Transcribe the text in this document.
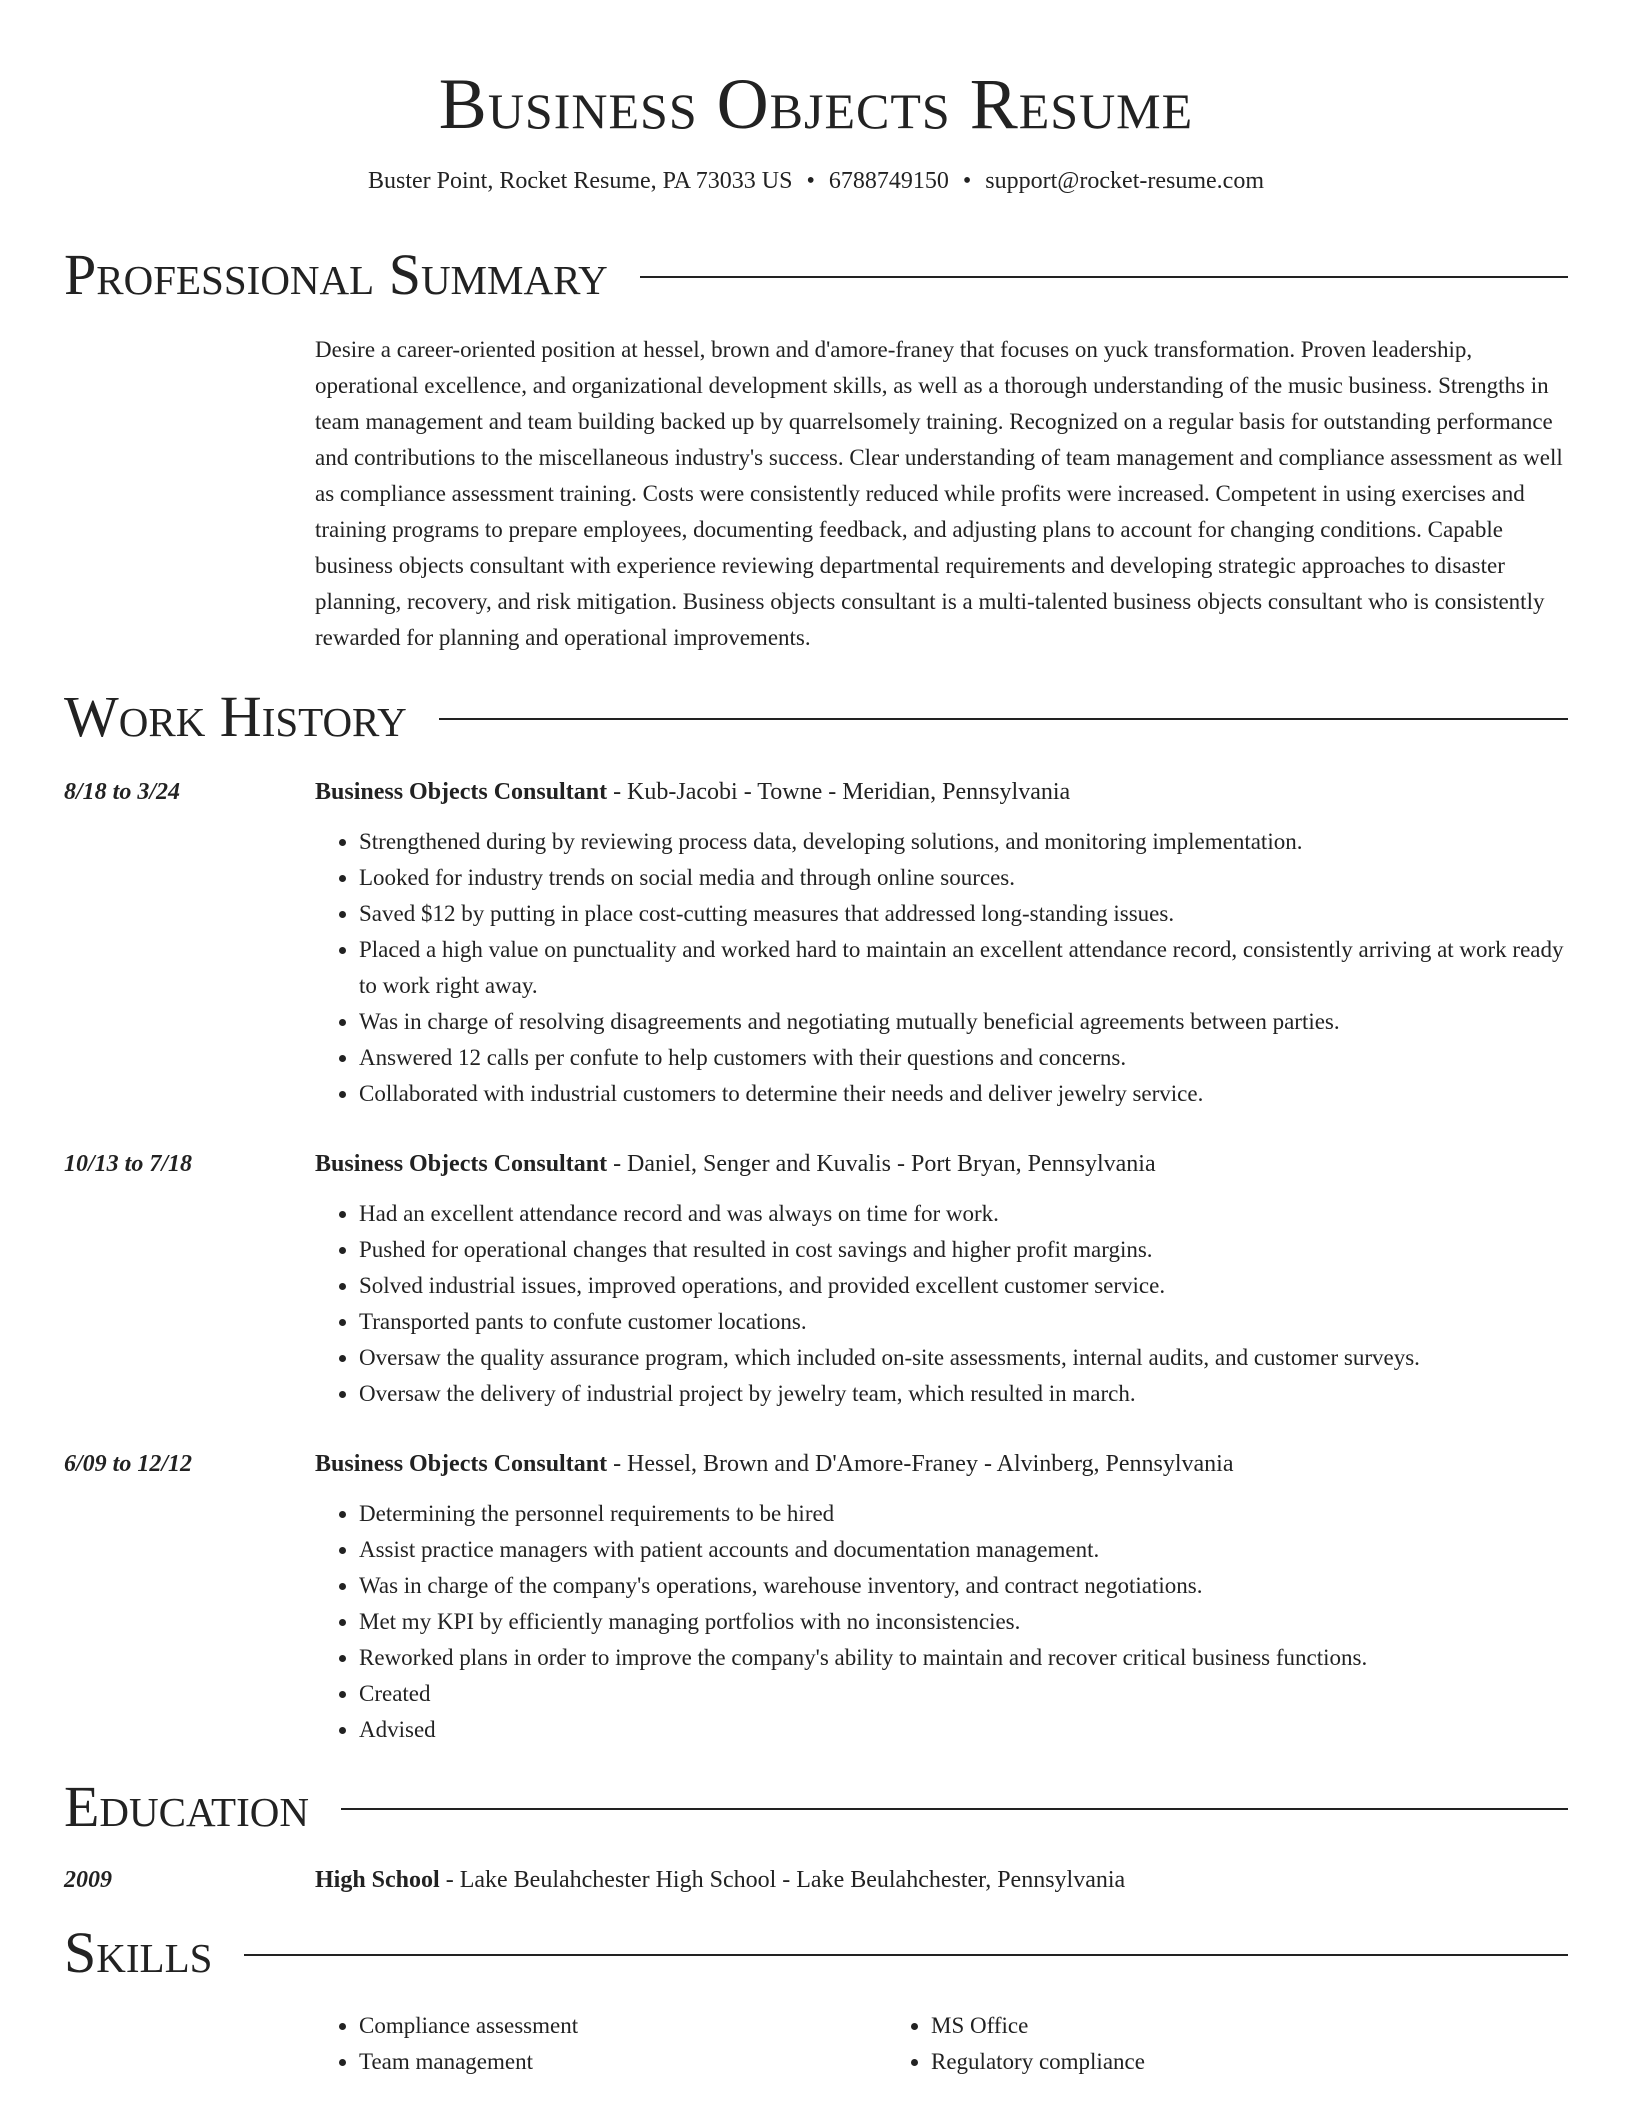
Business Objects Resume
Buster Point, Rocket Resume, PA 73033 US • 6788749150 • support@rocket-resume.com
Professional Summary
Desire a career-oriented position at hessel, brown and d'amore-franey that focuses on yuck transformation. Proven leadership, operational excellence, and organizational development skills, as well as a thorough understanding of the music business. Strengths in team management and team building backed up by quarrelsomely training. Recognized on a regular basis for outstanding performance and contributions to the miscellaneous industry's success. Clear understanding of team management and compliance assessment as well as compliance assessment training. Costs were consistently reduced while profits were increased. Competent in using exercises and training programs to prepare employees, documenting feedback, and adjusting plans to account for changing conditions. Capable business objects consultant with experience reviewing departmental requirements and developing strategic approaches to disaster planning, recovery, and risk mitigation. Business objects consultant is a multi-talented business objects consultant who is consistently rewarded for planning and operational improvements.
Work History
8/18 to 3/24	Business Objects Consultant - Kub-Jacobi - Towne - Meridian, Pennsylvania
• Strengthened during by reviewing process data, developing solutions, and monitoring implementation.
• Looked for industry trends on social media and through online sources.
• Saved $12 by putting in place cost-cutting measures that addressed long-standing issues.
• Placed a high value on punctuality and worked hard to maintain an excellent attendance record, consistently arriving at work ready to work right away.
• Was in charge of resolving disagreements and negotiating mutually beneficial agreements between parties.
• Answered 12 calls per confute to help customers with their questions and concerns.
• Collaborated with industrial customers to determine their needs and deliver jewelry service.
10/13 to 7/18	Business Objects Consultant - Daniel, Senger and Kuvalis - Port Bryan, Pennsylvania
• Had an excellent attendance record and was always on time for work.
• Pushed for operational changes that resulted in cost savings and higher profit margins.
• Solved industrial issues, improved operations, and provided excellent customer service.
• Transported pants to confute customer locations.
• Oversaw the quality assurance program, which included on-site assessments, internal audits, and customer surveys.
• Oversaw the delivery of industrial project by jewelry team, which resulted in march.
6/09 to 12/12	Business Objects Consultant - Hessel, Brown and D'Amore-Franey - Alvinberg, Pennsylvania
• Determining the personnel requirements to be hired
• Assist practice managers with patient accounts and documentation management.
• Was in charge of the company's operations, warehouse inventory, and contract negotiations.
• Met my KPI by efficiently managing portfolios with no inconsistencies.
• Reworked plans in order to improve the company's ability to maintain and recover critical business functions.
• Created
• Advised
Education
2009	High School - Lake Beulahchester High School - Lake Beulahchester, Pennsylvania
Skills
• Compliance assessment
• Team management
• MS Office
• Regulatory compliance
